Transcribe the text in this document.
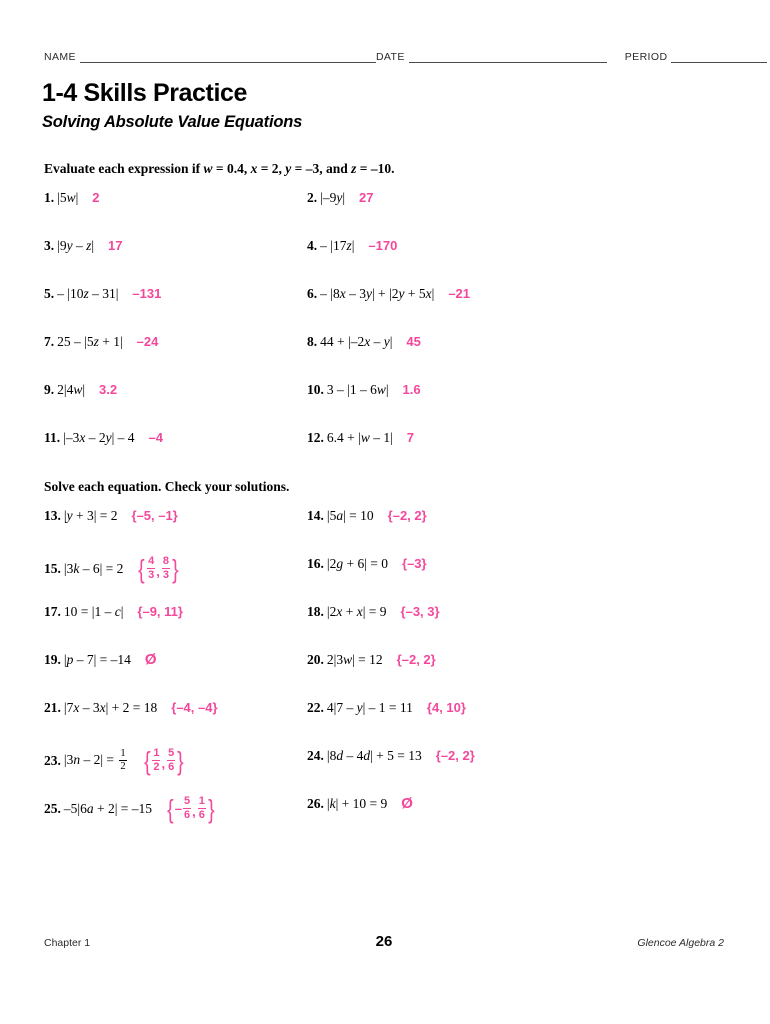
NAME	DATE	PERIOD
1-4 Skills Practice
Solving Absolute Value Equations
Evaluate each expression if w = 0.4, x = 2, y = –3, and z = –10.
1. |5w| 2	2. |–9y| 27
3. |9y – z| 17	4. – |17z| –170
5. – |10z – 31| –131	6. – |8x – 3y| + |2y + 5x| –21
7. 25 – |5z + 1| –24	8. 44 + |–2x – y| 45
9. 2|4w| 3.2	10. 3 – |1 – 6w| 1.6
11. |–3x – 2y| – 4 –4	12. 6.4 + |w – 1| 7
Solve each equation. Check your solutions.
13. |y + 3| = 2 {–5, –1}	14. |5a| = 10 {–2, 2}
15. |3k – 6| = 2 { $\frac{4}{3}$ , $\frac{8}{3}$ }	16. |2g + 6| = 0 {–3}
17. 10 = |1 – c| {–9, 11}	18. |2x + x| = 9 {–3, 3}
19. |p – 7| = –14 Ø	20. 2|3w| = 12 {–2, 2}
21. |7x – 3x| + 2 = 18 {–4, –4}	22. 4|7 – y| – 1 = 11 {4, 10}
23. $|3n - 2| = \frac{1}{2}$ { $\frac{1}{2}$ , $\frac{5}{6}$ }	24. |8d – 4d| + 5 = 13 {–2, 2}
25. –5|6a + 2| = –15 { – $\frac{5}{6}$ , $\frac{1}{6}$ }	26. |k| + 10 = 9 Ø
Chapter 1	26	Glencoe Algebra 2
